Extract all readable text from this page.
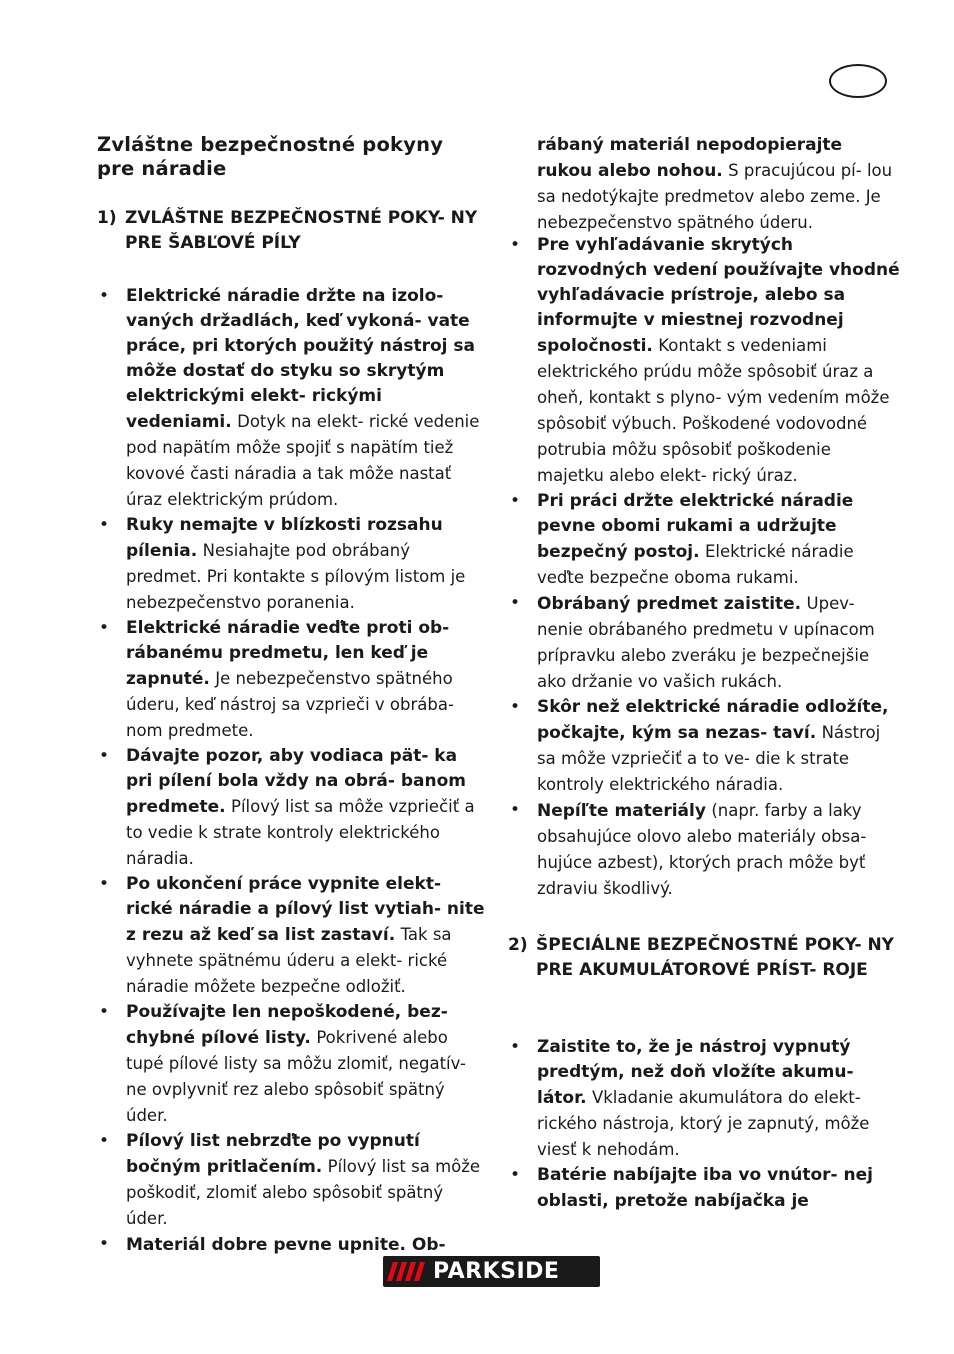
Zvláštne bezpečnostné pokyny pre náradie
1) ZVLÁŠTNE BEZPEČNOSTNÉ POKY- NY PRE ŠABĽOVÉ PÍLY
• Elektrické náradie držte na izolo- vaných držadlách, keď vykoná- vate práce, pri ktorých použitý nástroj sa môže dostať do styku so skrytým elektrickými elekt- rickými vedeniami. Dotyk na elekt- rické vedenie pod napätím môže spojiť s napätím tiež kovové časti náradia a tak môže nastať úraz elektrickým prúdom.
• Ruky nemajte v blízkosti rozsahu pílenia. Nesiahajte pod obrábaný predmet. Pri kontakte s pílovým listom je nebezpečenstvo poranenia.
• Elektrické náradie veďte proti ob- rábanému predmetu, len keď je zapnuté. Je nebezpečenstvo spätného úderu, keď nástroj sa vzprieči v obrába- nom predmete.
• Dávajte pozor, aby vodiaca pät- ka pri pílení bola vždy na obrá- banom predmete. Pílový list sa môže vzpriečiť a to vedie k strate kontroly elektrického náradia.
• Po ukončení práce vypnite elekt- rické náradie a pílový list vytiah- nite z rezu až keď sa list zastaví. Tak sa vyhnete spätnému úderu a elekt- rické náradie môžete bezpečne odložiť.
• Používajte len nepoškodené, bez- chybné pílové listy. Pokrivené alebo tupé pílové listy sa môžu zlomiť, negatív- ne ovplyvniť rez alebo spôsobiť spätný úder.
• Pílový list nebrzďte po vypnutí bočným pritlačením. Pílový list sa môže poškodiť, zlomiť alebo spôsobiť spätný úder.
• Materiál dobre pevne upnite. Ob-
rábaný materiál nepodopierajte rukou alebo nohou. S pracujúcou pí- lou sa nedotýkajte predmetov alebo zeme. Je nebezpečenstvo spätného úderu.
• Pre vyhľadávanie skrytých rozvodných vedení používajte vhodné vyhľadávacie prístroje, alebo sa informujte v miestnej rozvodnej spoločnosti. Kontakt s vedeniami elektrického prúdu môže spôsobiť úraz a oheň, kontakt s plyno- vým vedením môže spôsobiť výbuch. Poškodené vodovodné potrubia môžu spôsobiť poškodenie majetku alebo elekt- rický úraz.
• Pri práci držte elektrické náradie pevne obomi rukami a udržujte bezpečný postoj. Elektrické náradie veďte bezpečne oboma rukami.
• Obrábaný predmet zaistite. Upev- nenie obrábaného predmetu v upínacom prípravku alebo zveráku je bezpečnejšie ako držanie vo vašich rukách.
• Skôr než elektrické náradie odložíte, počkajte, kým sa nezas- taví. Nástroj sa môže vzpriečiť a to ve- die k strate kontroly elektrického náradia.
• Nepíľte materiály (napr. farby a laky obsahujúce olovo alebo materiály obsa- hujúce azbest), ktorých prach môže byť zdraviu škodlivý.
2) ŠPECIÁLNE BEZPEČNOSTNÉ POKY- NY PRE AKUMULÁTOROVÉ PRÍST- ROJE
• Zaistite to, že je nástroj vypnutý predtým, než doň vložíte akumu- látor. Vkladanie akumulátora do elekt- rického nástroja, ktorý je zapnutý, môže viesť k nehodám.
• Batérie nabíjajte iba vo vnútor- nej oblasti, pretože nabíjačka je
PARKSIDE
